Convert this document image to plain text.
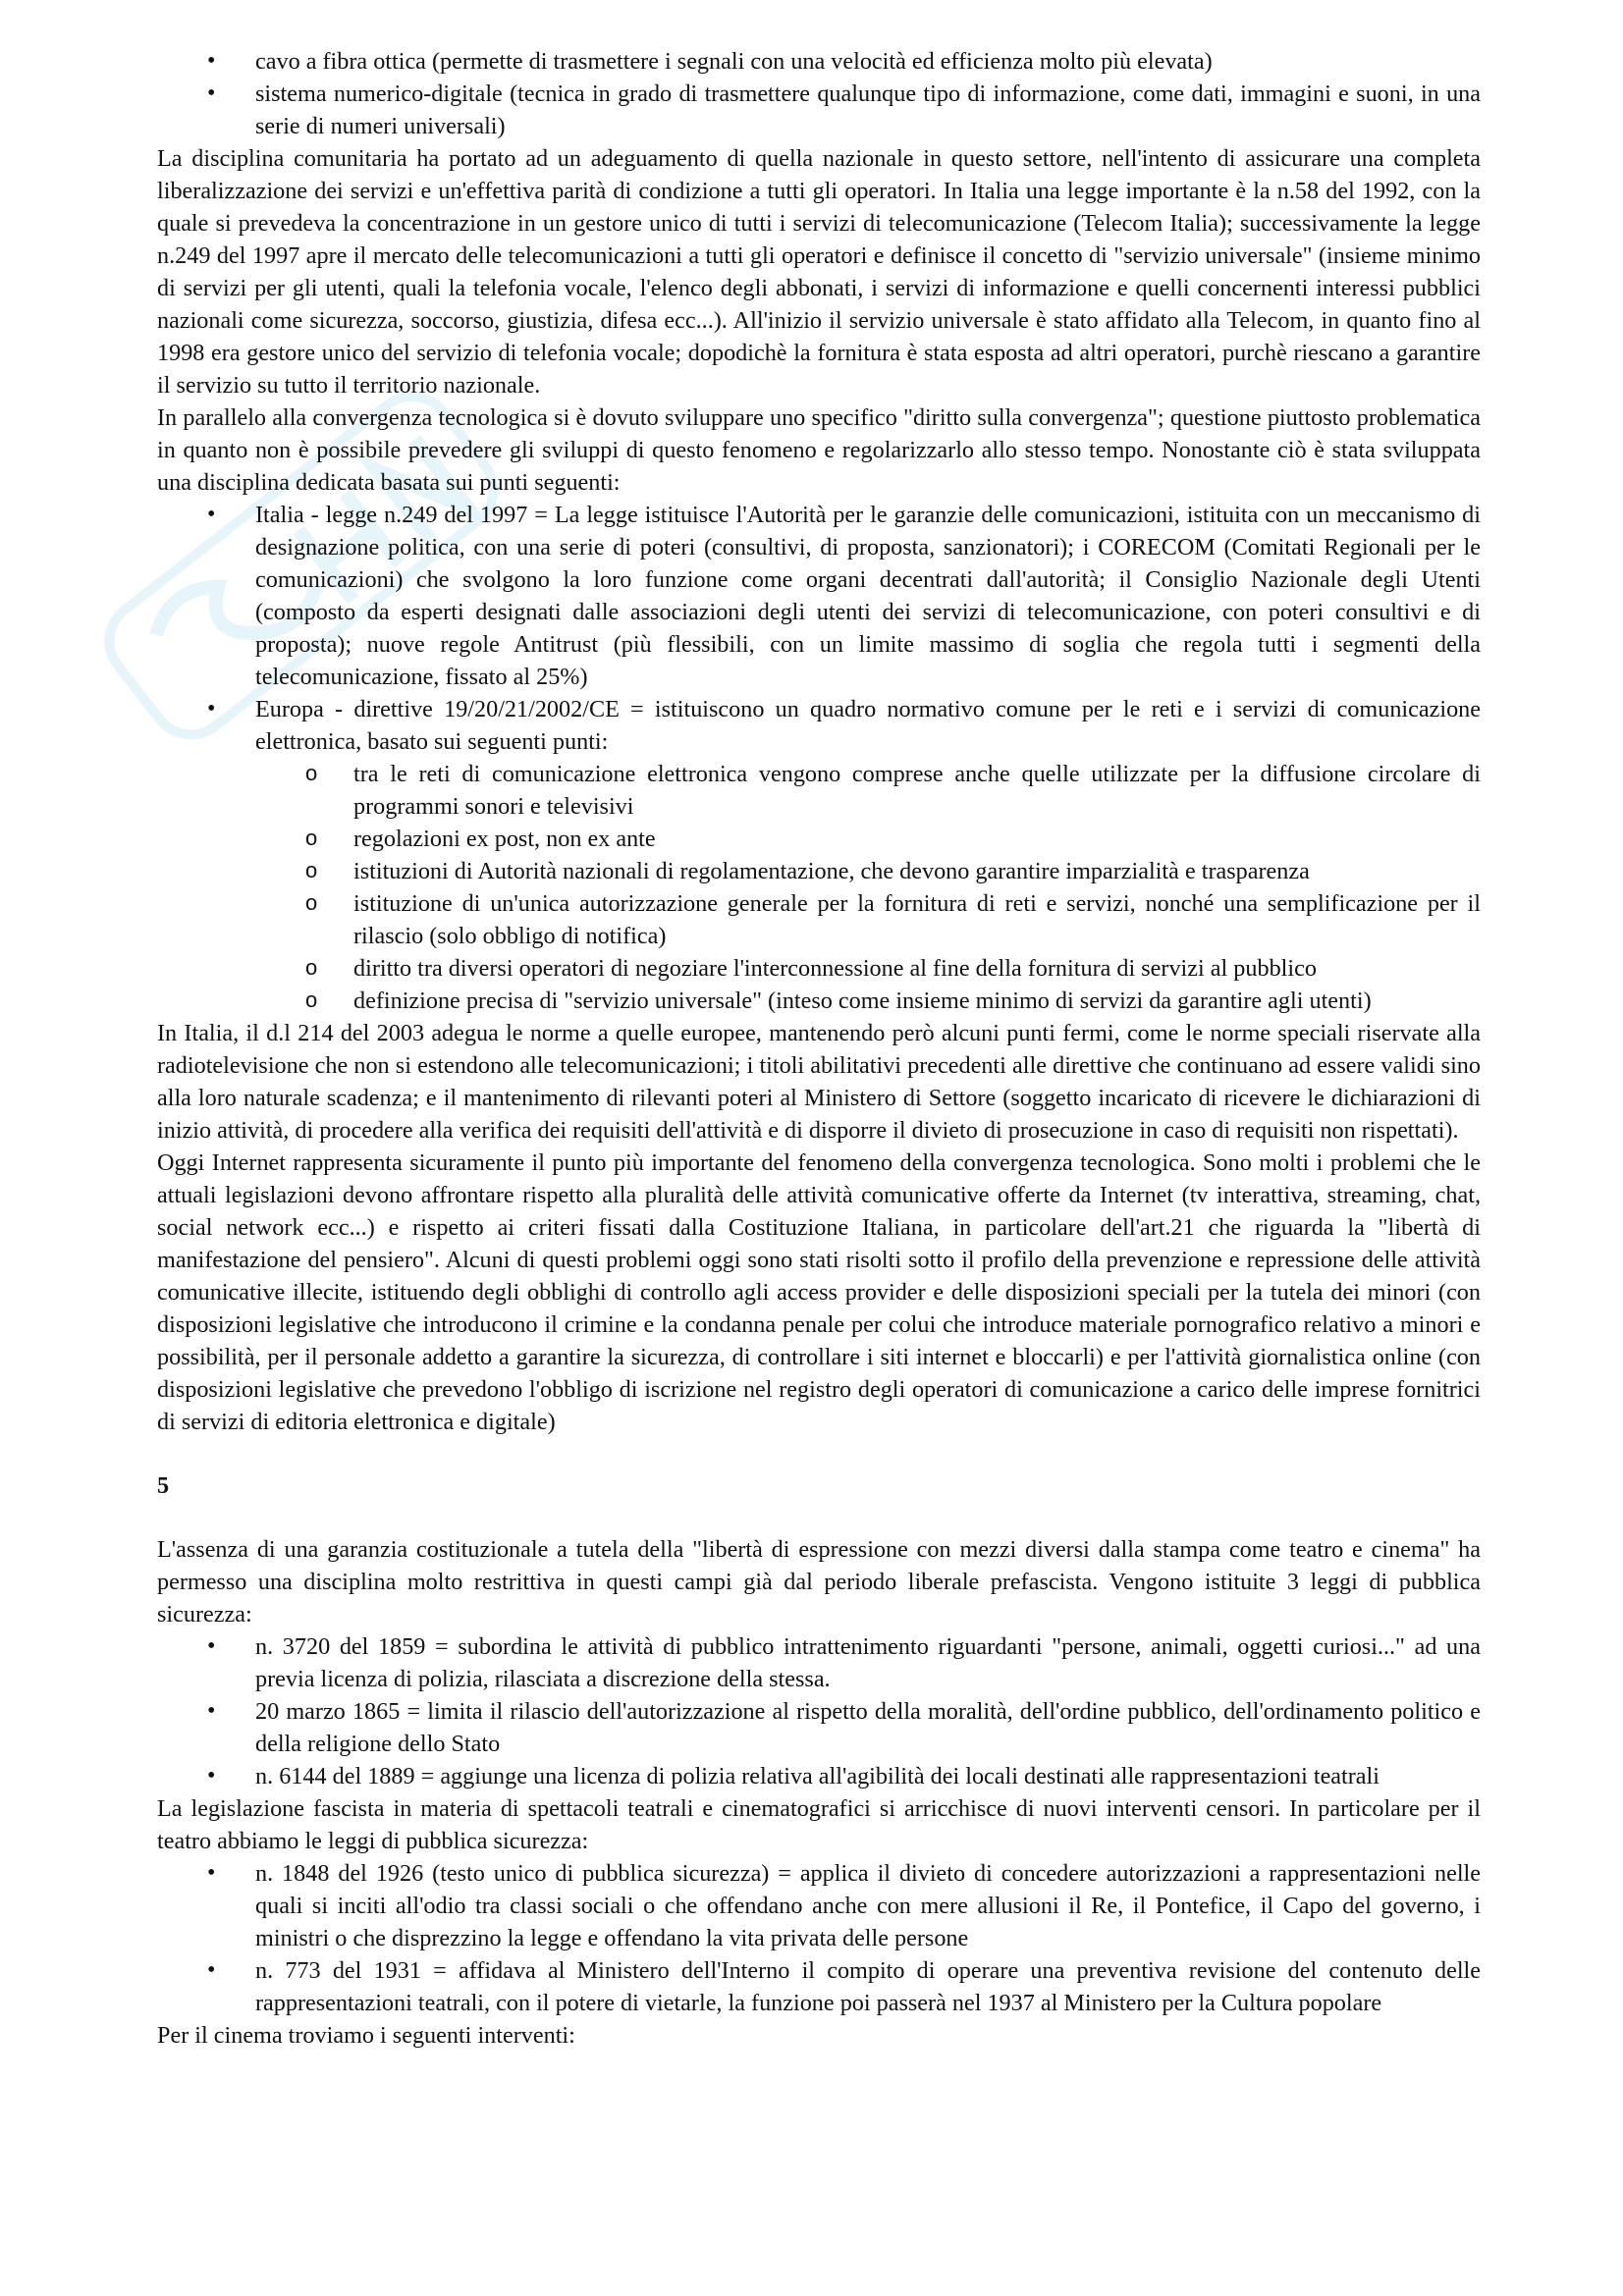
• cavo a fibra ottica (permette di trasmettere i segnali con una velocità ed efficienza molto più elevata)
• sistema numerico-digitale (tecnica in grado di trasmettere qualunque tipo di informazione, come dati, immagini e suoni, in una serie di numeri universali)

La disciplina comunitaria ha portato ad un adeguamento di quella nazionale in questo settore, nell'intento di assicurare una completa liberalizzazione dei servizi e un'effettiva parità di condizione a tutti gli operatori. In Italia una legge importante è la n.58 del 1992, con la quale si prevedeva la concentrazione in un gestore unico di tutti i servizi di telecomunicazione (Telecom Italia); successivamente la legge n.249 del 1997 apre il mercato delle telecomunicazioni a tutti gli operatori e definisce il concetto di "servizio universale" (insieme minimo di servizi per gli utenti, quali la telefonia vocale, l'elenco degli abbonati, i servizi di informazione e quelli concernenti interessi pubblici nazionali come sicurezza, soccorso, giustizia, difesa ecc...). All'inizio il servizio universale è stato affidato alla Telecom, in quanto fino al 1998 era gestore unico del servizio di telefonia vocale; dopodichè la fornitura è stata esposta ad altri operatori, purchè riescano a garantire il servizio su tutto il territorio nazionale.

In parallelo alla convergenza tecnologica si è dovuto sviluppare uno specifico "diritto sulla convergenza"; questione piuttosto problematica in quanto non è possibile prevedere gli sviluppi di questo fenomeno e regolarizzarlo allo stesso tempo. Nonostante ciò è stata sviluppata una disciplina dedicata basata sui punti seguenti:

• Italia - legge n.249 del 1997 = La legge istituisce l'Autorità per le garanzie delle comunicazioni, istituita con un meccanismo di designazione politica, con una serie di poteri (consultivi, di proposta, sanzionatori); i CORECOM (Comitati Regionali per le comunicazioni) che svolgono la loro funzione come organi decentrati dall'autorità; il Consiglio Nazionale degli Utenti (composto da esperti designati dalle associazioni degli utenti dei servizi di telecomunicazione, con poteri consultivi e di proposta); nuove regole Antitrust (più flessibili, con un limite massimo di soglia che regola tutti i segmenti della telecomunicazione, fissato al 25%)
• Europa - direttive 19/20/21/2002/CE = istituiscono un quadro normativo comune per le reti e i servizi di comunicazione elettronica, basato sui seguenti punti:
o tra le reti di comunicazione elettronica vengono comprese anche quelle utilizzate per la diffusione circolare di programmi sonori e televisivi
o regolazioni ex post, non ex ante
o istituzioni di Autorità nazionali di regolamentazione, che devono garantire imparzialità e trasparenza
o istituzione di un'unica autorizzazione generale per la fornitura di reti e servizi, nonché una semplificazione per il rilascio (solo obbligo di notifica)
o diritto tra diversi operatori di negoziare l'interconnessione al fine della fornitura di servizi al pubblico
o definizione precisa di "servizio universale" (inteso come insieme minimo di servizi da garantire agli utenti)

In Italia, il d.l 214 del 2003 adegua le norme a quelle europee, mantenendo però alcuni punti fermi, come le norme speciali riservate alla radiotelevisione che non si estendono alle telecomunicazioni; i titoli abilitativi precedenti alle direttive che continuano ad essere validi sino alla loro naturale scadenza; e il mantenimento di rilevanti poteri al Ministero di Settore (soggetto incaricato di ricevere le dichiarazioni di inizio attività, di procedere alla verifica dei requisiti dell'attività e di disporre il divieto di prosecuzione in caso di requisiti non rispettati).

Oggi Internet rappresenta sicuramente il punto più importante del fenomeno della convergenza tecnologica. Sono molti i problemi che le attuali legislazioni devono affrontare rispetto alla pluralità delle attività comunicative offerte da Internet (tv interattiva, streaming, chat, social network ecc...) e rispetto ai criteri fissati dalla Costituzione Italiana, in particolare dell'art.21 che riguarda la "libertà di manifestazione del pensiero". Alcuni di questi problemi oggi sono stati risolti sotto il profilo della prevenzione e repressione delle attività comunicative illecite, istituendo degli obblighi di controllo agli access provider e delle disposizioni speciali per la tutela dei minori (con disposizioni legislative che introducono il crimine e la condanna penale per colui che introduce materiale pornografico relativo a minori e possibilità, per il personale addetto a garantire la sicurezza, di controllare i siti internet e bloccarli) e per l'attività giornalistica online (con disposizioni legislative che prevedono l'obbligo di iscrizione nel registro degli operatori di comunicazione a carico delle imprese fornitrici di servizi di editoria elettronica e digitale)

5

L'assenza di una garanzia costituzionale a tutela della "libertà di espressione con mezzi diversi dalla stampa come teatro e cinema" ha permesso una disciplina molto restrittiva in questi campi già dal periodo liberale prefascista. Vengono istituite 3 leggi di pubblica sicurezza:

• n. 3720 del 1859 = subordina le attività di pubblico intrattenimento riguardanti "persone, animali, oggetti curiosi..." ad una previa licenza di polizia, rilasciata a discrezione della stessa.
• 20 marzo 1865 = limita il rilascio dell'autorizzazione al rispetto della moralità, dell'ordine pubblico, dell'ordinamento politico e della religione dello Stato
• n. 6144 del 1889 = aggiunge una licenza di polizia relativa all'agibilità dei locali destinati alle rappresentazioni teatrali

La legislazione fascista in materia di spettacoli teatrali e cinematografici si arricchisce di nuovi interventi censori. In particolare per il teatro abbiamo le leggi di pubblica sicurezza:

• n. 1848 del 1926 (testo unico di pubblica sicurezza) = applica il divieto di concedere autorizzazioni a rappresentazioni nelle quali si inciti all'odio tra classi sociali o che offendano anche con mere allusioni il Re, il Pontefice, il Capo del governo, i ministri o che disprezzino la legge e offendano la vita privata delle persone
• n. 773 del 1931 = affidava al Ministero dell'Interno il compito di operare una preventiva revisione del contenuto delle rappresentazioni teatrali, con il potere di vietarle, la funzione poi passerà nel 1937 al Ministero per la Cultura popolare

Per il cinema troviamo i seguenti interventi:
